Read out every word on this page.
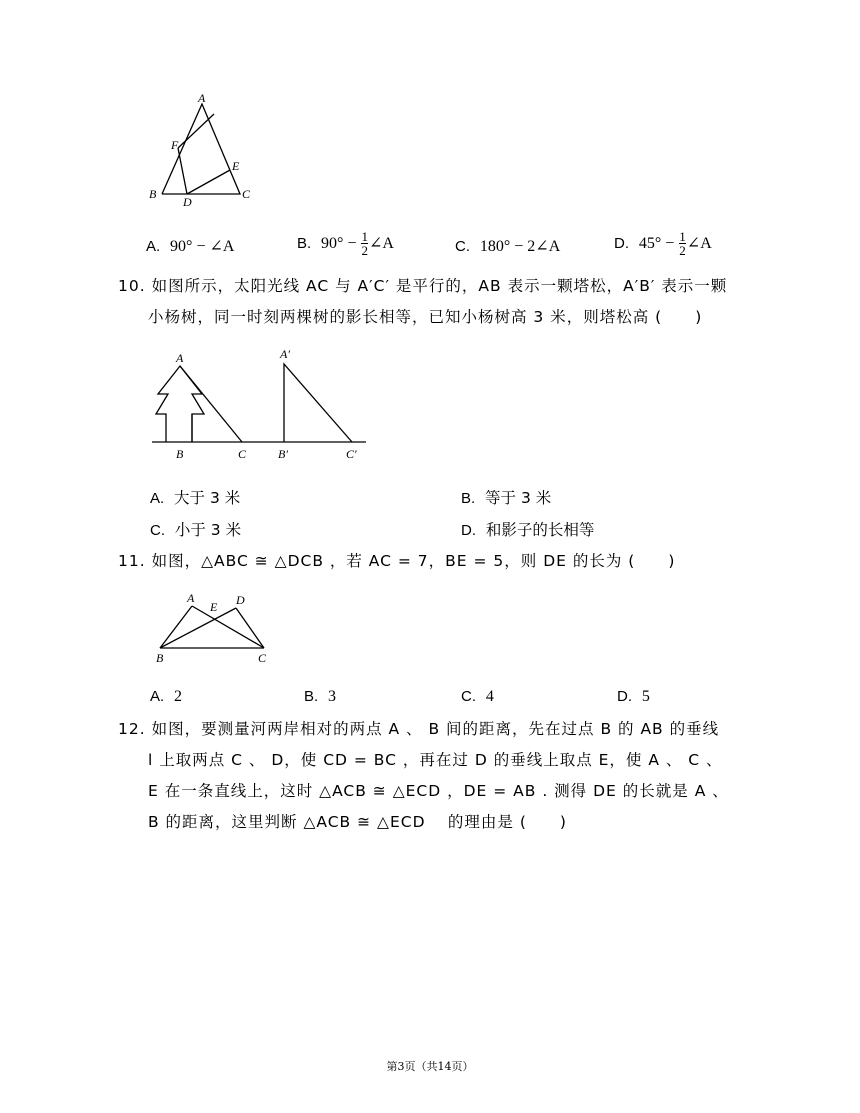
A
F
E
B
D
C
A. 90° − ∠A	B. $90^\circ - \frac{1}{2}$ ∠A	C. 180° − 2∠A	D. $45^\circ - \frac{1}{2}$ ∠A
10. 如图所示，太阳光线 AC 与 A′C′ 是平行的，AB 表示一颗塔松，A′B′ 表示一颗
小杨树，同一时刻两棵树的影长相等，已知小杨树高 3 米，则塔松高 (　　)
A	A′
B	C	B′	C′
A. 大于 3 米	B. 等于 3 米
C. 小于 3 米	D. 和影子的长相等
11. 如图，△ABC ≅ △DCB ，若 AC = 7，BE = 5，则 DE 的长为 (　　)
A
E D
B	C
A. 2	B. 3	C. 4	D. 5
12. 如图，要测量河两岸相对的两点 A 、 B 间的距离，先在过点 B 的 AB 的垂线
l 上取两点 C 、 D，使 CD = BC ，再在过 D 的垂线上取点 E，使 A 、 C 、
E 在一条直线上，这时 △ACB ≅ △ECD ，DE = AB . 测得 DE 的长就是 A 、
B 的距离，这里判断 △ACB ≅ △ECD 　的理由是 (　　)
第3页（共14页）
